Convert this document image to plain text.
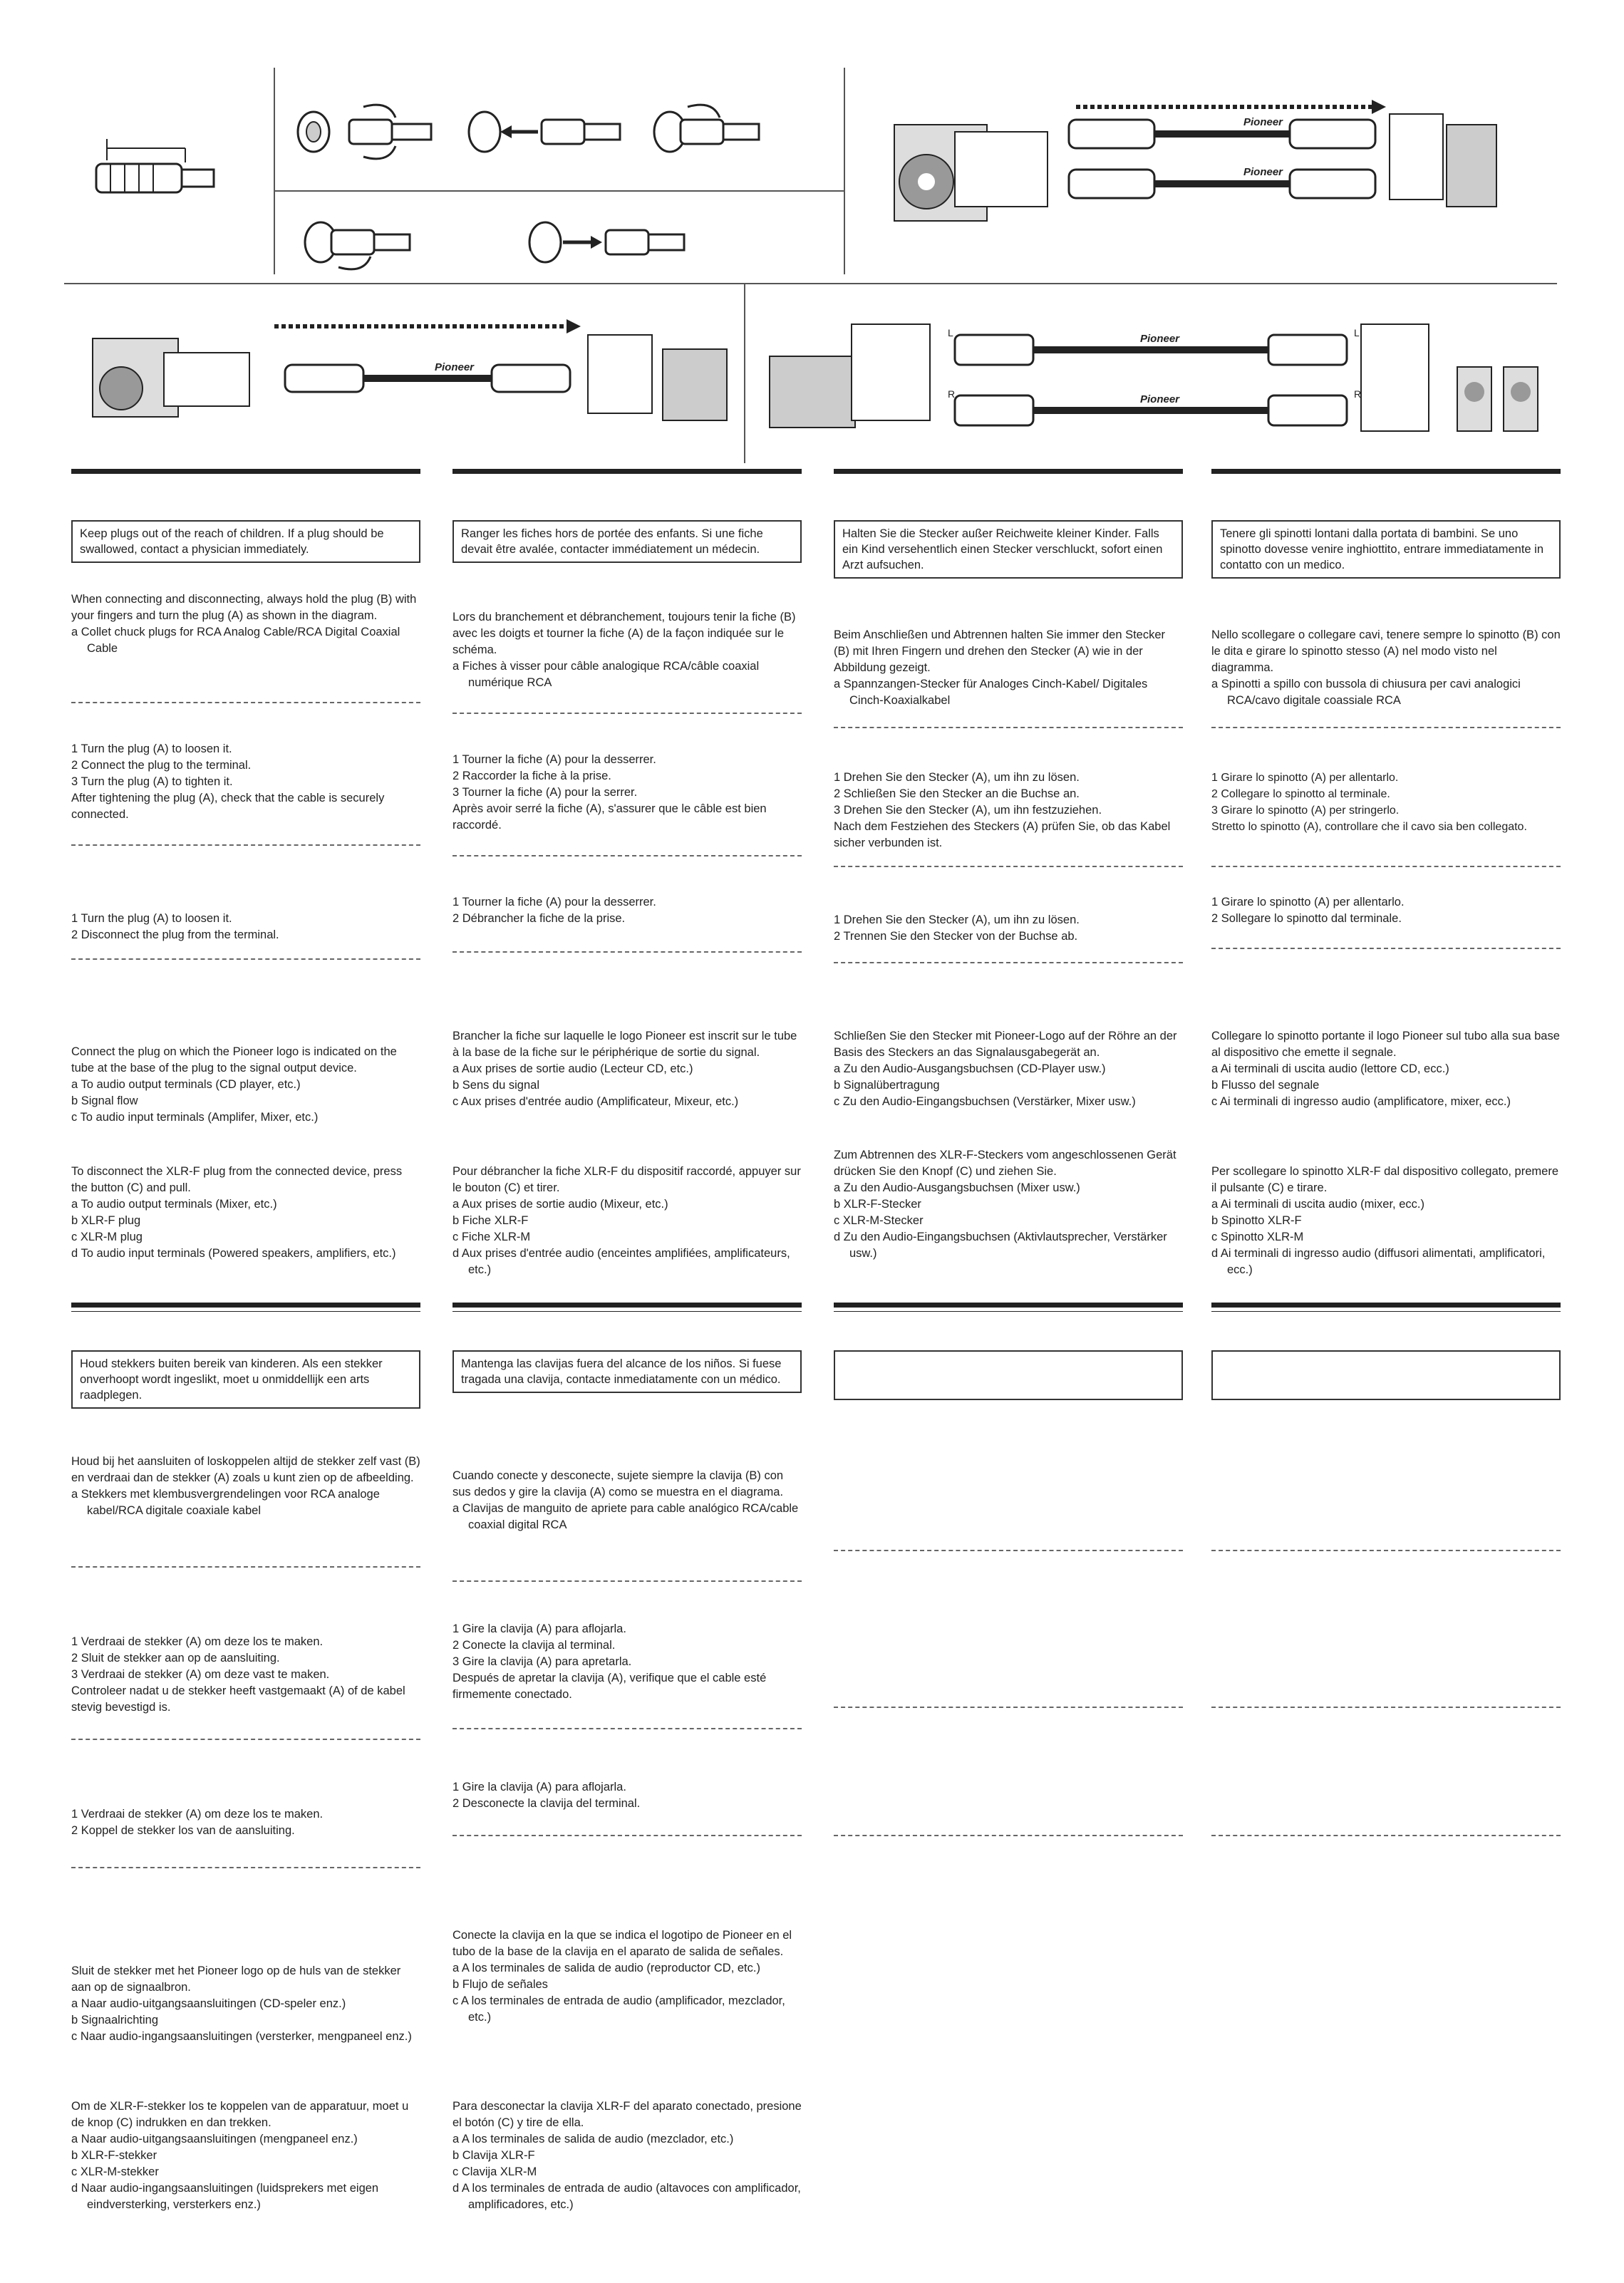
Pioneer
Pioneer
Pioneer
L
R
Pioneer
Pioneer
L
R
Keep plugs out of the reach of children. If a plug should be swallowed, contact a physician immediately.
When connecting and disconnecting, always hold the plug (B) with your fingers and turn the plug (A) as shown in the diagram.
a Collet chuck plugs for RCA Analog Cable/RCA Digital Coaxial Cable
1 Turn the plug (A) to loosen it.
2 Connect the plug to the terminal.
3 Turn the plug (A) to tighten it.
After tightening the plug (A), check that the cable is securely connected.
1 Turn the plug (A) to loosen it.
2 Disconnect the plug from the terminal.
Connect the plug on which the Pioneer logo is indicated on the tube at the base of the plug to the signal output device.
a To audio output terminals (CD player, etc.)
b Signal flow
c To audio input terminals (Amplifer, Mixer, etc.)
To disconnect the XLR-F plug from the connected device, press the button (C) and pull.
a To audio output terminals (Mixer, etc.)
b XLR-F plug
c XLR-M plug
d To audio input terminals (Powered speakers, amplifiers, etc.)
Ranger les fiches hors de portée des enfants. Si une fiche devait être avalée, contacter immédiatement un médecin.
Lors du branchement et débranchement, toujours tenir la fiche (B) avec les doigts et tourner la fiche (A) de la façon indiquée sur le schéma.
a Fiches à visser pour câble analogique RCA/câble coaxial numérique RCA
1 Tourner la fiche (A) pour la desserrer.
2 Raccorder la fiche à la prise.
3 Tourner la fiche (A) pour la serrer.
Après avoir serré la fiche (A), s'assurer que le câble est bien raccordé.
1 Tourner la fiche (A) pour la desserrer.
2 Débrancher la fiche de la prise.
Brancher la fiche sur laquelle le logo Pioneer est inscrit sur le tube à la base de la fiche sur le périphérique de sortie du signal.
a Aux prises de sortie audio (Lecteur CD, etc.)
b Sens du signal
c Aux prises d'entrée audio (Amplificateur, Mixeur, etc.)
Pour débrancher la fiche XLR-F du dispositif raccordé, appuyer sur le bouton (C) et tirer.
a Aux prises de sortie audio (Mixeur, etc.)
b Fiche XLR-F
c Fiche XLR-M
d Aux prises d'entrée audio (enceintes amplifiées, amplificateurs, etc.)
Halten Sie die Stecker außer Reichweite kleiner Kinder. Falls ein Kind versehentlich einen Stecker verschluckt, sofort einen Arzt aufsuchen.
Beim Anschließen und Abtrennen halten Sie immer den Stecker (B) mit Ihren Fingern und drehen den Stecker (A) wie in der Abbildung gezeigt.
a Spannzangen-Stecker für Analoges Cinch-Kabel/ Digitales Cinch-Koaxialkabel
1 Drehen Sie den Stecker (A), um ihn zu lösen.
2 Schließen Sie den Stecker an die Buchse an.
3 Drehen Sie den Stecker (A), um ihn festzuziehen.
Nach dem Festziehen des Steckers (A) prüfen Sie, ob das Kabel sicher verbunden ist.
1 Drehen Sie den Stecker (A), um ihn zu lösen.
2 Trennen Sie den Stecker von der Buchse ab.
Schließen Sie den Stecker mit Pioneer-Logo auf der Röhre an der Basis des Steckers an das Signalausgabegerät an.
a Zu den Audio-Ausgangsbuchsen (CD-Player usw.)
b Signalübertragung
c Zu den Audio-Eingangsbuchsen (Verstärker, Mixer usw.)
Zum Abtrennen des XLR-F-Steckers vom angeschlossenen Gerät drücken Sie den Knopf (C) und ziehen Sie.
a Zu den Audio-Ausgangsbuchsen (Mixer usw.)
b XLR-F-Stecker
c XLR-M-Stecker
d Zu den Audio-Eingangsbuchsen (Aktivlautsprecher, Verstärker usw.)
Tenere gli spinotti lontani dalla portata di bambini. Se uno spinotto dovesse venire inghiottito, entrare immediatamente in contatto con un medico.
Nello scollegare o collegare cavi, tenere sempre lo spinotto (B) con le dita e girare lo spinotto stesso (A) nel modo visto nel diagramma.
a Spinotti a spillo con bussola di chiusura per cavi analogici RCA/cavo digitale coassiale RCA
1 Girare lo spinotto (A) per allentarlo.
2 Collegare lo spinotto al terminale.
3 Girare lo spinotto (A) per stringerlo.
Stretto lo spinotto (A), controllare che il cavo sia ben collegato.
1 Girare lo spinotto (A) per allentarlo.
2 Sollegare lo spinotto dal terminale.
Collegare lo spinotto portante il logo Pioneer sul tubo alla sua base al dispositivo che emette il segnale.
a Ai terminali di uscita audio (lettore CD, ecc.)
b Flusso del segnale
c Ai terminali di ingresso audio (amplificatore, mixer, ecc.)
Per scollegare lo spinotto XLR-F dal dispositivo collegato, premere il pulsante (C) e tirare.
a Ai terminali di uscita audio (mixer, ecc.)
b Spinotto XLR-F
c Spinotto XLR-M
d Ai terminali di ingresso audio (diffusori alimentati, amplificatori, ecc.)
Houd stekkers buiten bereik van kinderen. Als een stekker onverhoopt wordt ingeslikt, moet u onmiddellijk een arts raadplegen.
Houd bij het aansluiten of loskoppelen altijd de stekker zelf vast (B) en verdraai dan de stekker (A) zoals u kunt zien op de afbeelding.
a Stekkers met klembusvergrendelingen voor RCA analoge kabel/RCA digitale coaxiale kabel
1 Verdraai de stekker (A) om deze los te maken.
2 Sluit de stekker aan op de aansluiting.
3 Verdraai de stekker (A) om deze vast te maken.
Controleer nadat u de stekker heeft vastgemaakt (A) of de kabel stevig bevestigd is.
1 Verdraai de stekker (A) om deze los te maken.
2 Koppel de stekker los van de aansluiting.
Sluit de stekker met het Pioneer logo op de huls van de stekker aan op de signaalbron.
a Naar audio-uitgangsaansluitingen (CD-speler enz.)
b Signaalrichting
c Naar audio-ingangsaansluitingen (versterker, mengpaneel enz.)
Om de XLR-F-stekker los te koppelen van de apparatuur, moet u de knop (C) indrukken en dan trekken.
a Naar audio-uitgangsaansluitingen (mengpaneel enz.)
b XLR-F-stekker
c XLR-M-stekker
d Naar audio-ingangsaansluitingen (luidsprekers met eigen eindversterking, versterkers enz.)
Mantenga las clavijas fuera del alcance de los niños. Si fuese tragada una clavija, contacte inmediatamente con un médico.
Cuando conecte y desconecte, sujete siempre la clavija (B) con sus dedos y gire la clavija (A) como se muestra en el diagrama.
a Clavijas de manguito de apriete para cable analógico RCA/cable coaxial digital RCA
1 Gire la clavija (A) para aflojarla.
2 Conecte la clavija al terminal.
3 Gire la clavija (A) para apretarla.
Después de apretar la clavija (A), verifique que el cable esté firmemente conectado.
1 Gire la clavija (A) para aflojarla.
2 Desconecte la clavija del terminal.
Conecte la clavija en la que se indica el logotipo de Pioneer en el tubo de la base de la clavija en el aparato de salida de señales.
a A los terminales de salida de audio (reproductor CD, etc.)
b Flujo de señales
c A los terminales de entrada de audio (amplificador, mezclador, etc.)
Para desconectar la clavija XLR-F del aparato conectado, presione el botón (C) y tire de ella.
a A los terminales de salida de audio (mezclador, etc.)
b Clavija XLR-F
c Clavija XLR-M
d A los terminales de entrada de audio (altavoces con amplificador, amplificadores, etc.)
